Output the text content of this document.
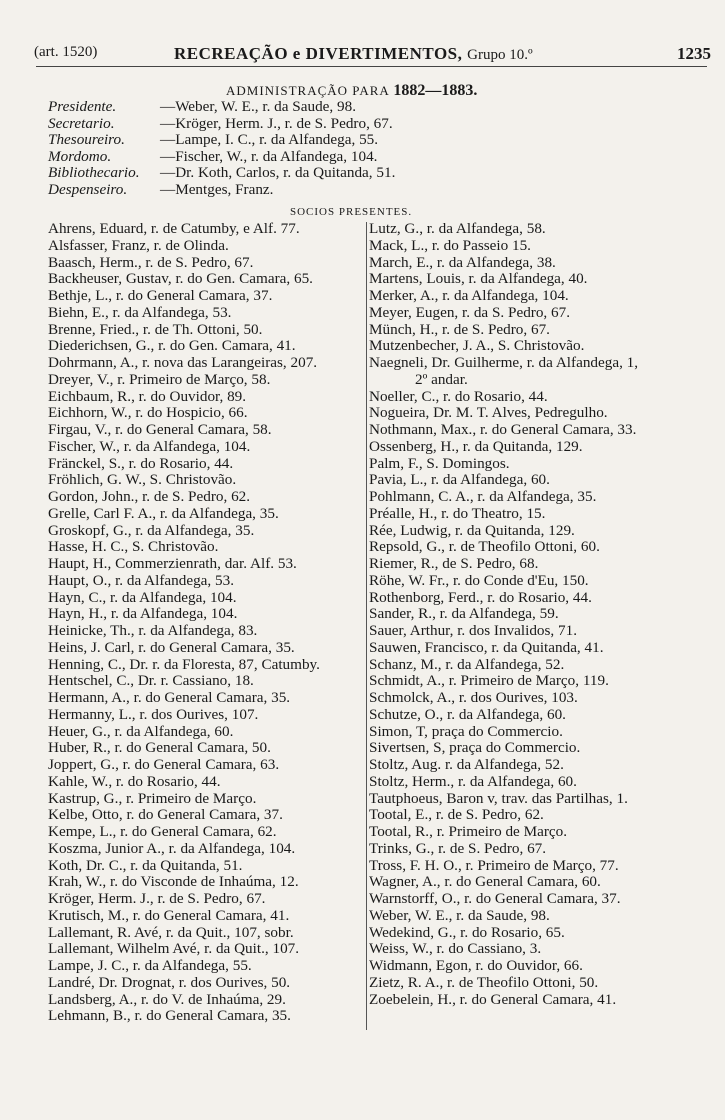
(art. 1520)	RECREAÇÃO e DIVERTIMENTOS, Grupo 10.º	1235
ADMINISTRAÇÃO PARA 1882—1883.
Presidente.	—Weber, W. E., r. da Saude, 98.
Secretario.	—Kröger, Herm. J., r. de S. Pedro, 67.
Thesoureiro.	—Lampe, I. C., r. da Alfandega, 55.
Mordomo.	—Fischer, W., r. da Alfandega, 104.
Bibliothecario.	—Dr. Koth, Carlos, r. da Quitanda, 51.
Despenseiro.	—Mentges, Franz.
SOCIOS PRESENTES.
Ahrens, Eduard, r. de Catumby, e Alf. 77.
Alsfasser, Franz, r. de Olinda.
Baasch, Herm., r. de S. Pedro, 67.
Backheuser, Gustav, r. do Gen. Camara, 65.
Bethje, L., r. do General Camara, 37.
Biehn, E., r. da Alfandega, 53.
Brenne, Fried., r. de Th. Ottoni, 50.
Diederichsen, G., r. do Gen. Camara, 41.
Dohrmann, A., r. nova das Larangeiras, 207.
Dreyer, V., r. Primeiro de Março, 58.
Eichbaum, R., r. do Ouvidor, 89.
Eichhorn, W., r. do Hospicio, 66.
Firgau, V., r. do General Camara, 58.
Fischer, W., r. da Alfandega, 104.
Fränckel, S., r. do Rosario, 44.
Fröhlich, G. W., S. Christovão.
Gordon, John., r. de S. Pedro, 62.
Grelle, Carl F. A., r. da Alfandega, 35.
Groskopf, G., r. da Alfandega, 35.
Hasse, H. C., S. Christovão.
Haupt, H., Commerzienrath, dar. Alf. 53.
Haupt, O., r. da Alfandega, 53.
Hayn, C., r. da Alfandega, 104.
Hayn, H., r. da Alfandega, 104.
Heinicke, Th., r. da Alfandega, 83.
Heins, J. Carl, r. do General Camara, 35.
Henning, C., Dr. r. da Floresta, 87, Catumby.
Hentschel, C., Dr. r. Cassiano, 18.
Hermann, A., r. do General Camara, 35.
Hermanny, L., r. dos Ourives, 107.
Heuer, G., r. da Alfandega, 60.
Huber, R., r. do General Camara, 50.
Joppert, G., r. do General Camara, 63.
Kahle, W., r. do Rosario, 44.
Kastrup, G., r. Primeiro de Março.
Kelbe, Otto, r. do General Camara, 37.
Kempe, L., r. do General Camara, 62.
Koszma, Junior A., r. da Alfandega, 104.
Koth, Dr. C., r. da Quitanda, 51.
Krah, W., r. do Visconde de Inhaúma, 12.
Kröger, Herm. J., r. de S. Pedro, 67.
Krutisch, M., r. do General Camara, 41.
Lallemant, R. Avé, r. da Quit., 107, sobr.
Lallemant, Wilhelm Avé, r. da Quit., 107.
Lampe, J. C., r. da Alfandega, 55.
Landré, Dr. Drognat, r. dos Ourives, 50.
Landsberg, A., r. do V. de Inhaúma, 29.
Lehmann, B., r. do General Camara, 35.
Lutz, G., r. da Alfandega, 58.
Mack, L., r. do Passeio 15.
March, E., r. da Alfandega, 38.
Martens, Louis, r. da Alfandega, 40.
Merker, A., r. da Alfandega, 104.
Meyer, Eugen, r. da S. Pedro, 67.
Münch, H., r. de S. Pedro, 67.
Mutzenbecher, J. A., S. Christovão.
Naegneli, Dr. Guilherme, r. da Alfandega, 1,
2º andar.
Noeller, C., r. do Rosario, 44.
Nogueira, Dr. M. T. Alves, Pedregulho.
Nothmann, Max., r. do General Camara, 33.
Ossenberg, H., r. da Quitanda, 129.
Palm, F., S. Domingos.
Pavia, L., r. da Alfandega, 60.
Pohlmann, C. A., r. da Alfandega, 35.
Préalle, H., r. do Theatro, 15.
Rée, Ludwig, r. da Quitanda, 129.
Repsold, G., r. de Theofilo Ottoni, 60.
Riemer, R., de S. Pedro, 68.
Röhe, W. Fr., r. do Conde d'Eu, 150.
Rothenborg, Ferd., r. do Rosario, 44.
Sander, R., r. da Alfandega, 59.
Sauer, Arthur, r. dos Invalidos, 71.
Sauwen, Francisco, r. da Quitanda, 41.
Schanz, M., r. da Alfandega, 52.
Schmidt, A., r. Primeiro de Março, 119.
Schmolck, A., r. dos Ourives, 103.
Schutze, O., r. da Alfandega, 60.
Simon, T, praça do Commercio.
Sivertsen, S, praça do Commercio.
Stoltz, Aug. r. da Alfandega, 52.
Stoltz, Herm., r. da Alfandega, 60.
Tautphoeus, Baron v, trav. das Partilhas, 1.
Tootal, E., r. de S. Pedro, 62.
Tootal, R., r. Primeiro de Março.
Trinks, G., r. de S. Pedro, 67.
Tross, F. H. O., r. Primeiro de Março, 77.
Wagner, A., r. do General Camara, 60.
Warnstorff, O., r. do General Camara, 37.
Weber, W. E., r. da Saude, 98.
Wedekind, G., r. do Rosario, 65.
Weiss, W., r. do Cassiano, 3.
Widmann, Egon, r. do Ouvidor, 66.
Zietz, R. A., r. de Theofilo Ottoni, 50.
Zoebelein, H., r. do General Camara, 41.
